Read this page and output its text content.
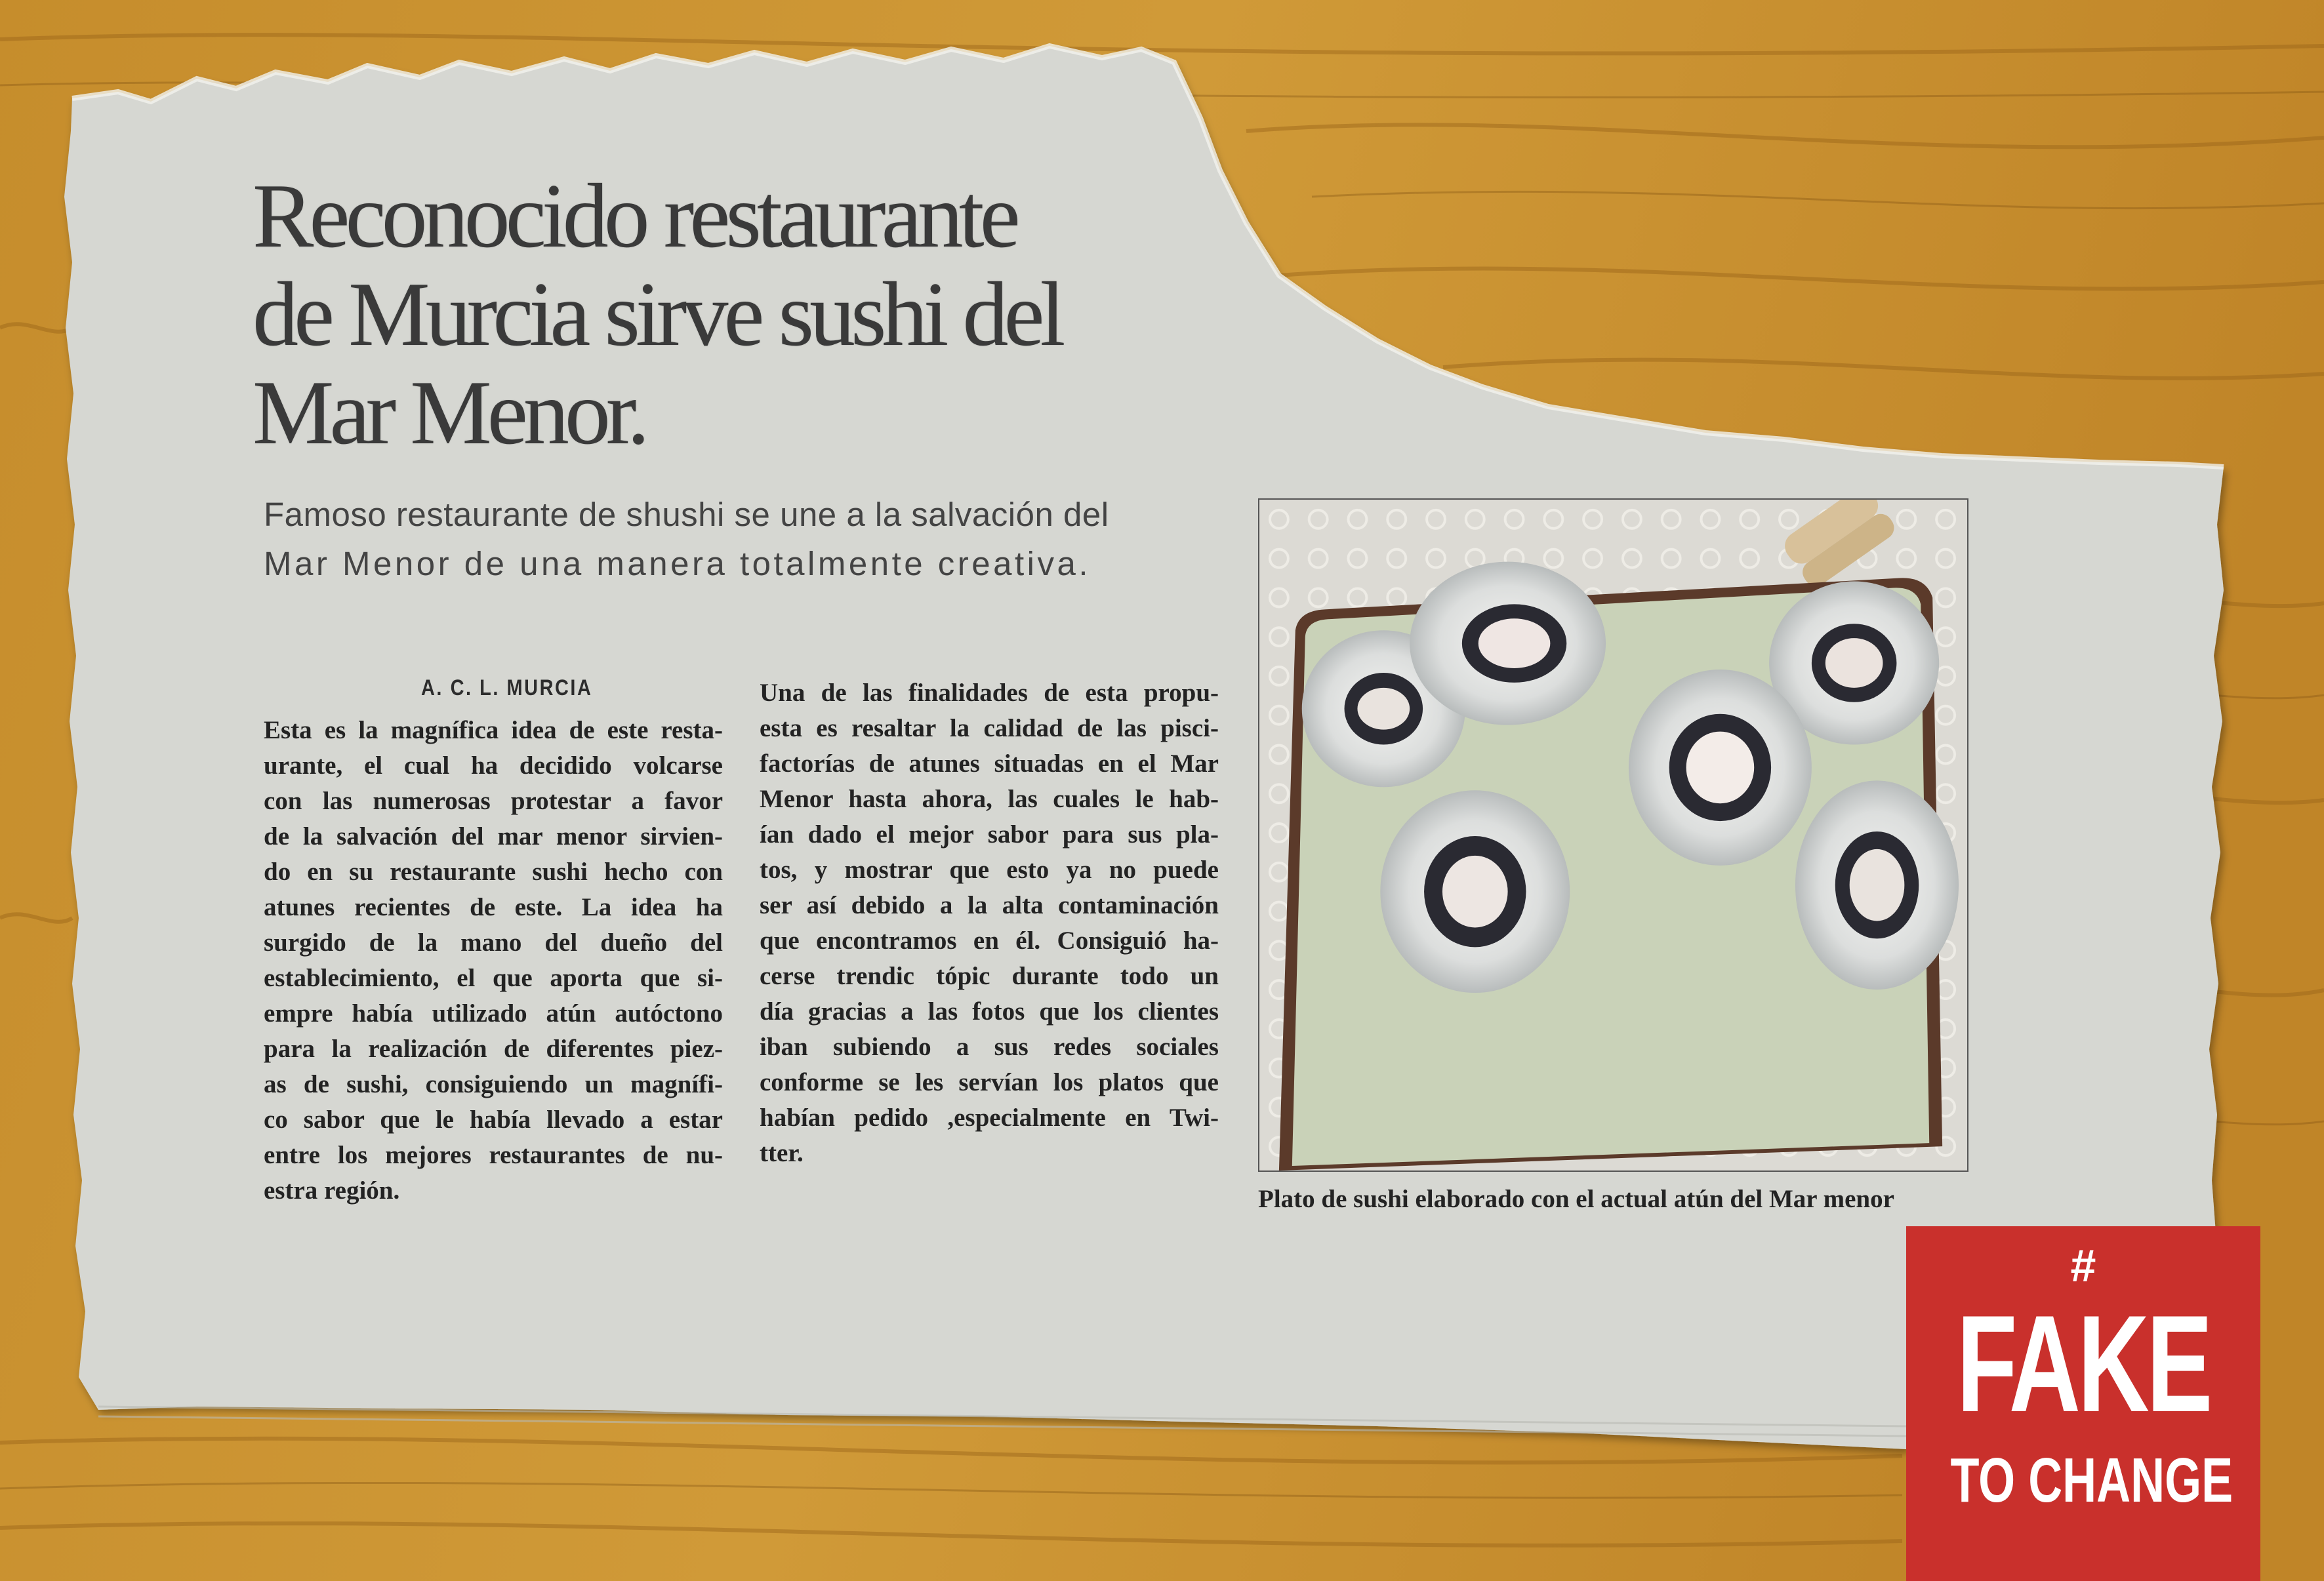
Reconocido restaurante
de Murcia sirve sushi del
Mar Menor.
Famoso restaurante de shushi se une a la salvación del
Mar Menor de una manera totalmente creativa.
A. C. L. MURCIA
Esta es la magnífica idea de este resta-
urante, el cual ha decidido volcarse
con las numerosas protestar a favor
de la salvación del mar menor sirvien-
do en su restaurante sushi hecho con
atunes recientes de este. La idea ha
surgido de la mano del dueño del
establecimiento, el que aporta que si-
empre había utilizado atún autóctono
para la realización de diferentes piez-
as de sushi, consiguiendo un magnífi-
co sabor que le había llevado a estar
entre los mejores restaurantes de nu-
estra región.
Una de las finalidades de esta propu-
esta es resaltar la calidad de las pisci-
factorías de atunes situadas en el Mar
Menor hasta ahora, las cuales le hab-
ían dado el mejor sabor para sus pla-
tos, y mostrar que esto ya no puede
ser así debido a la alta contaminación
que encontramos en él. Consiguió ha-
cerse trendic tópic durante todo un
día gracias a las fotos que los clientes
iban subiendo a sus redes sociales
conforme se les servían los platos que
habían pedido ,especialmente en Twi-
tter.
Plato de sushi elaborado con el actual atún del Mar menor
#
FAKE
TO CHANGE
